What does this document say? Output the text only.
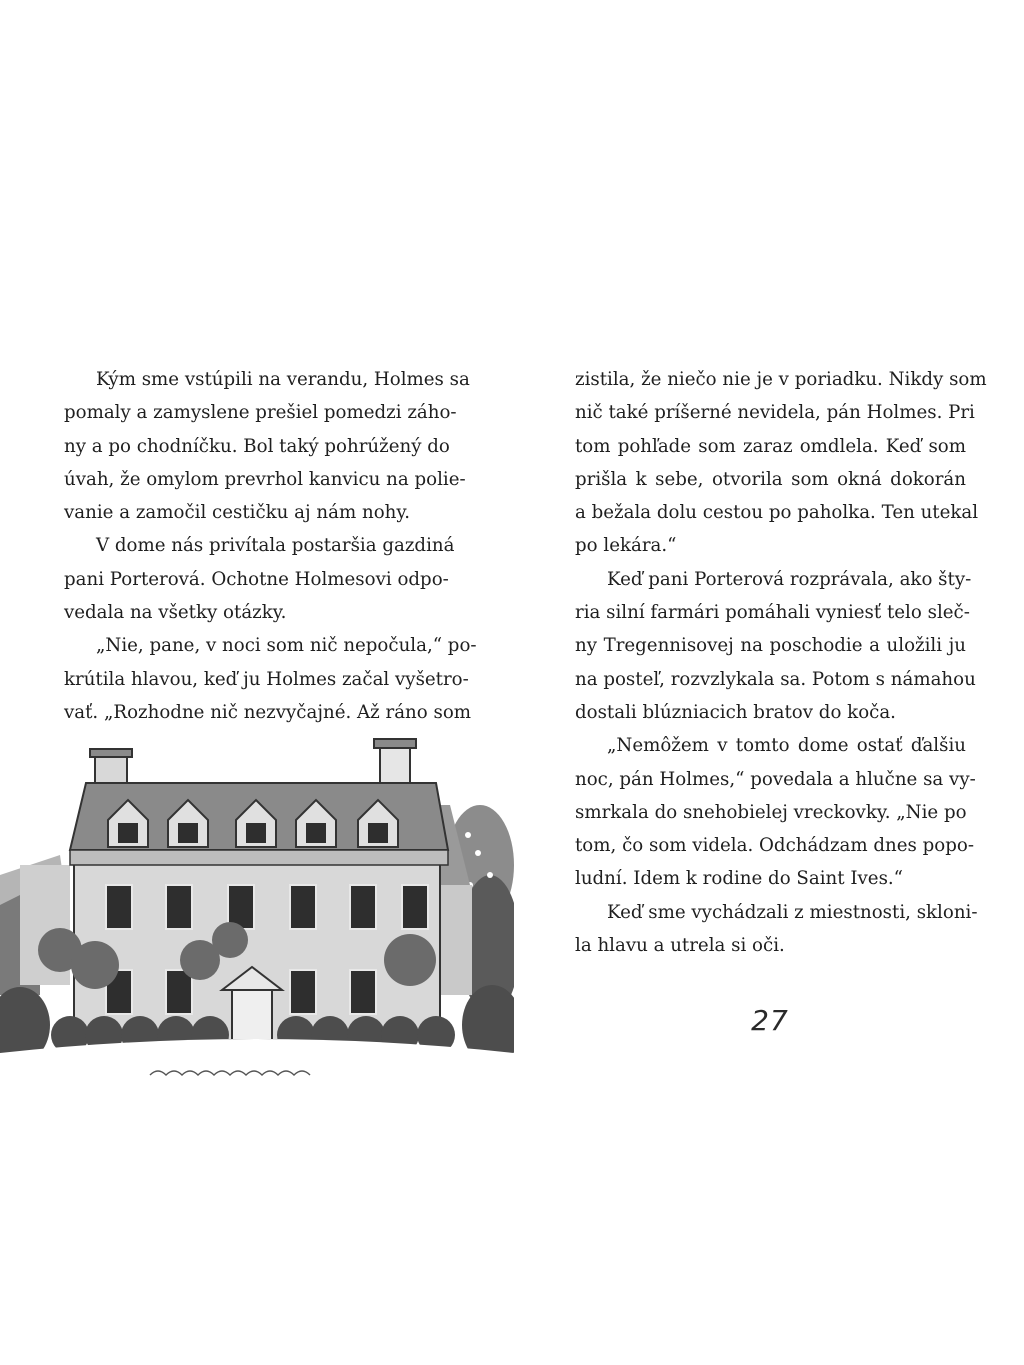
Kým sme vstúpili na verandu, Holmes sa
pomaly a zamyslene prešiel pomedzi záho-
ny a po chodníčku. Bol taký pohrúžený do
úvah, že omylom prevrhol kanvicu na polie-
vanie a zamočil cestičku aj nám nohy.
V dome nás privítala postaršia gazdiná
pani Porterová. Ochotne Holmesovi odpo-
vedala na všetky otázky.
„Nie, pane, v noci som nič nepočula,“ po-
krútila hlavou, keď ju Holmes začal vyšetro-
vať. „Rozhodne nič nezvyčajné. Až ráno som
zistila, že niečo nie je v poriadku. Nikdy som
nič také príšerné nevidela, pán Holmes. Pri
tom pohľade som zaraz omdlela. Keď som
prišla k sebe, otvorila som okná dokorán
a bežala dolu cestou po paholka. Ten utekal
po lekára.“
Keď pani Porterová rozprávala, ako šty-
ria silní farmári pomáhali vyniesť telo sleč-
ny Tregennisovej na poschodie a uložili ju
na posteľ, rozvzlykala sa. Potom s námahou
dostali blúzniacich bratov do koča.
„Nemôžem v tomto dome ostať ďalšiu
noc, pán Holmes,“ povedala a hlučne sa vy-
smrkala do snehobielej vreckovky. „Nie po
tom, čo som videla. Odchádzam dnes popo-
ludní. Idem k rodine do Saint Ives.“
Keď sme vychádzali z miestnosti, skloni-
la hlavu a utrela si oči.
27
